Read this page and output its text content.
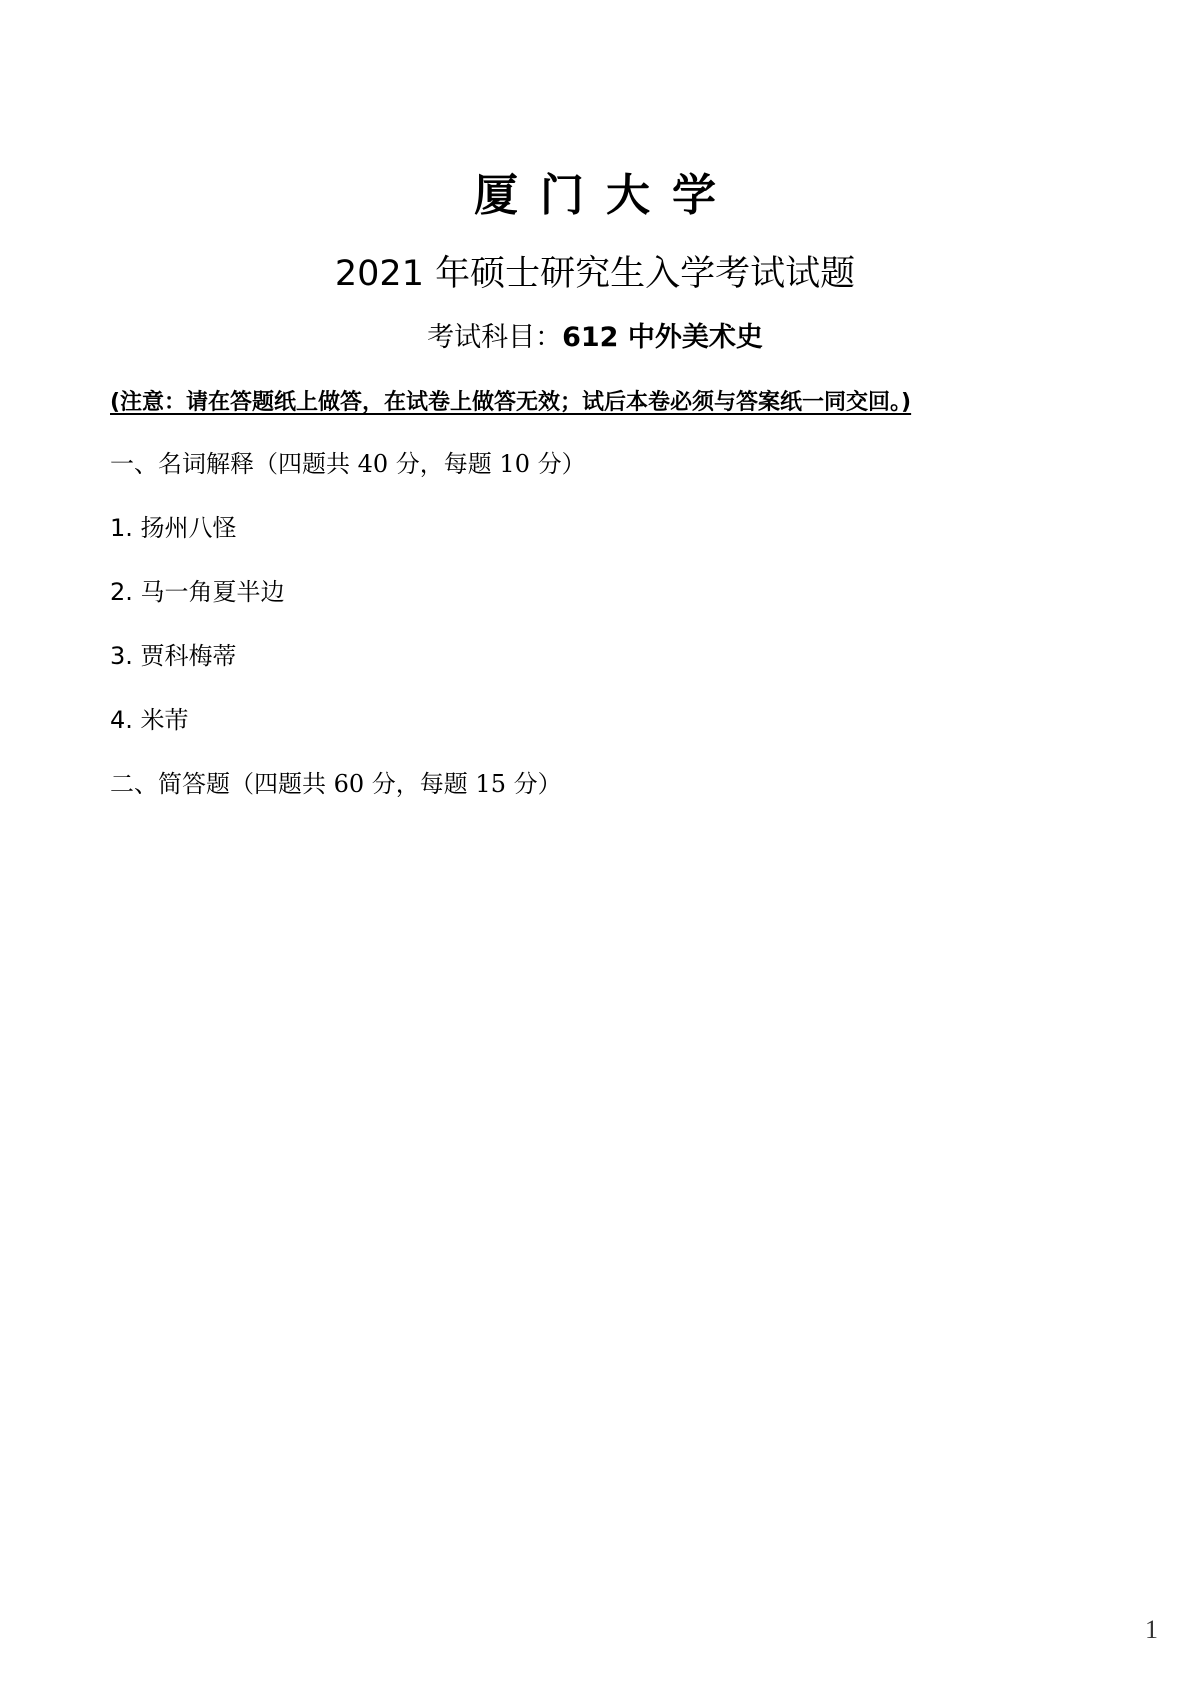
厦门大学
2021 年硕士研究生入学考试试题
考试科目：612 中外美术史
(注意：请在答题纸上做答，在试卷上做答无效；试后本卷必须与答案纸一同交回。)
一、名词解释（四题共 40 分，每题 10 分）
1. 扬州八怪
2. 马一角夏半边
3. 贾科梅蒂
4. 米芾
二、简答题（四题共 60 分，每题 15 分）
1
